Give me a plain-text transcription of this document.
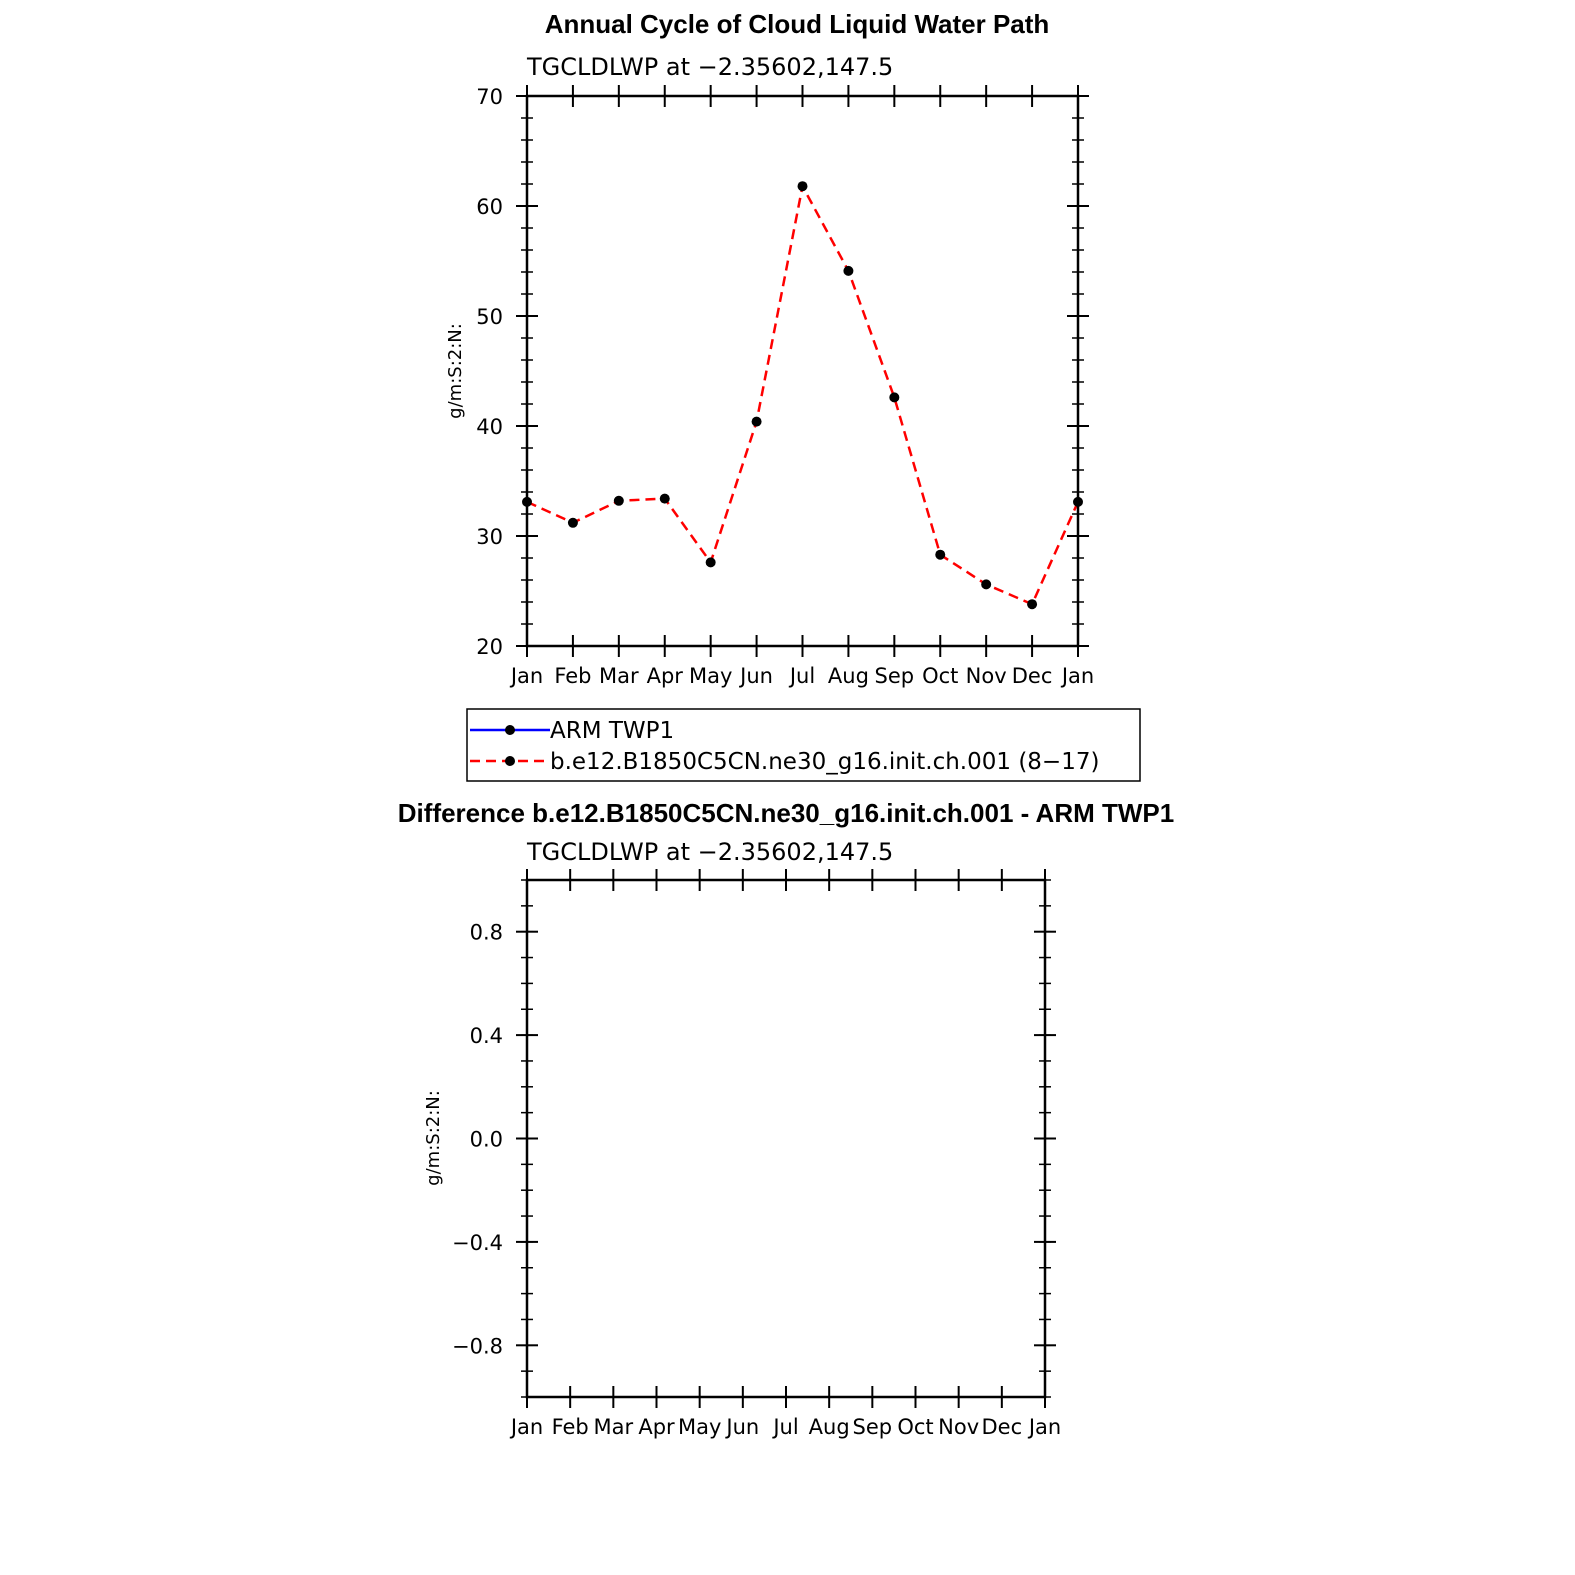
Annual Cycle of Cloud Liquid Water Path
TGCLDLWP at −2.35602,147.5
Jan Feb Mar Apr May Jun Jul Aug Sep Oct Nov Dec Jan
20
30
40
50
60
70
g/m:S:2:N:
ARM TWP1
b.e12.B1850C5CN.ne30_g16.init.ch.001 (8−17)
Difference b.e12.B1850C5CN.ne30_g16.init.ch.001 - ARM TWP1
TGCLDLWP at −2.35602,147.5
Jan Feb Mar Apr May Jun Jul Aug Sep Oct Nov Dec Jan
−0.8
−0.4
0.0
0.4
0.8
g/m:S:2:N:
